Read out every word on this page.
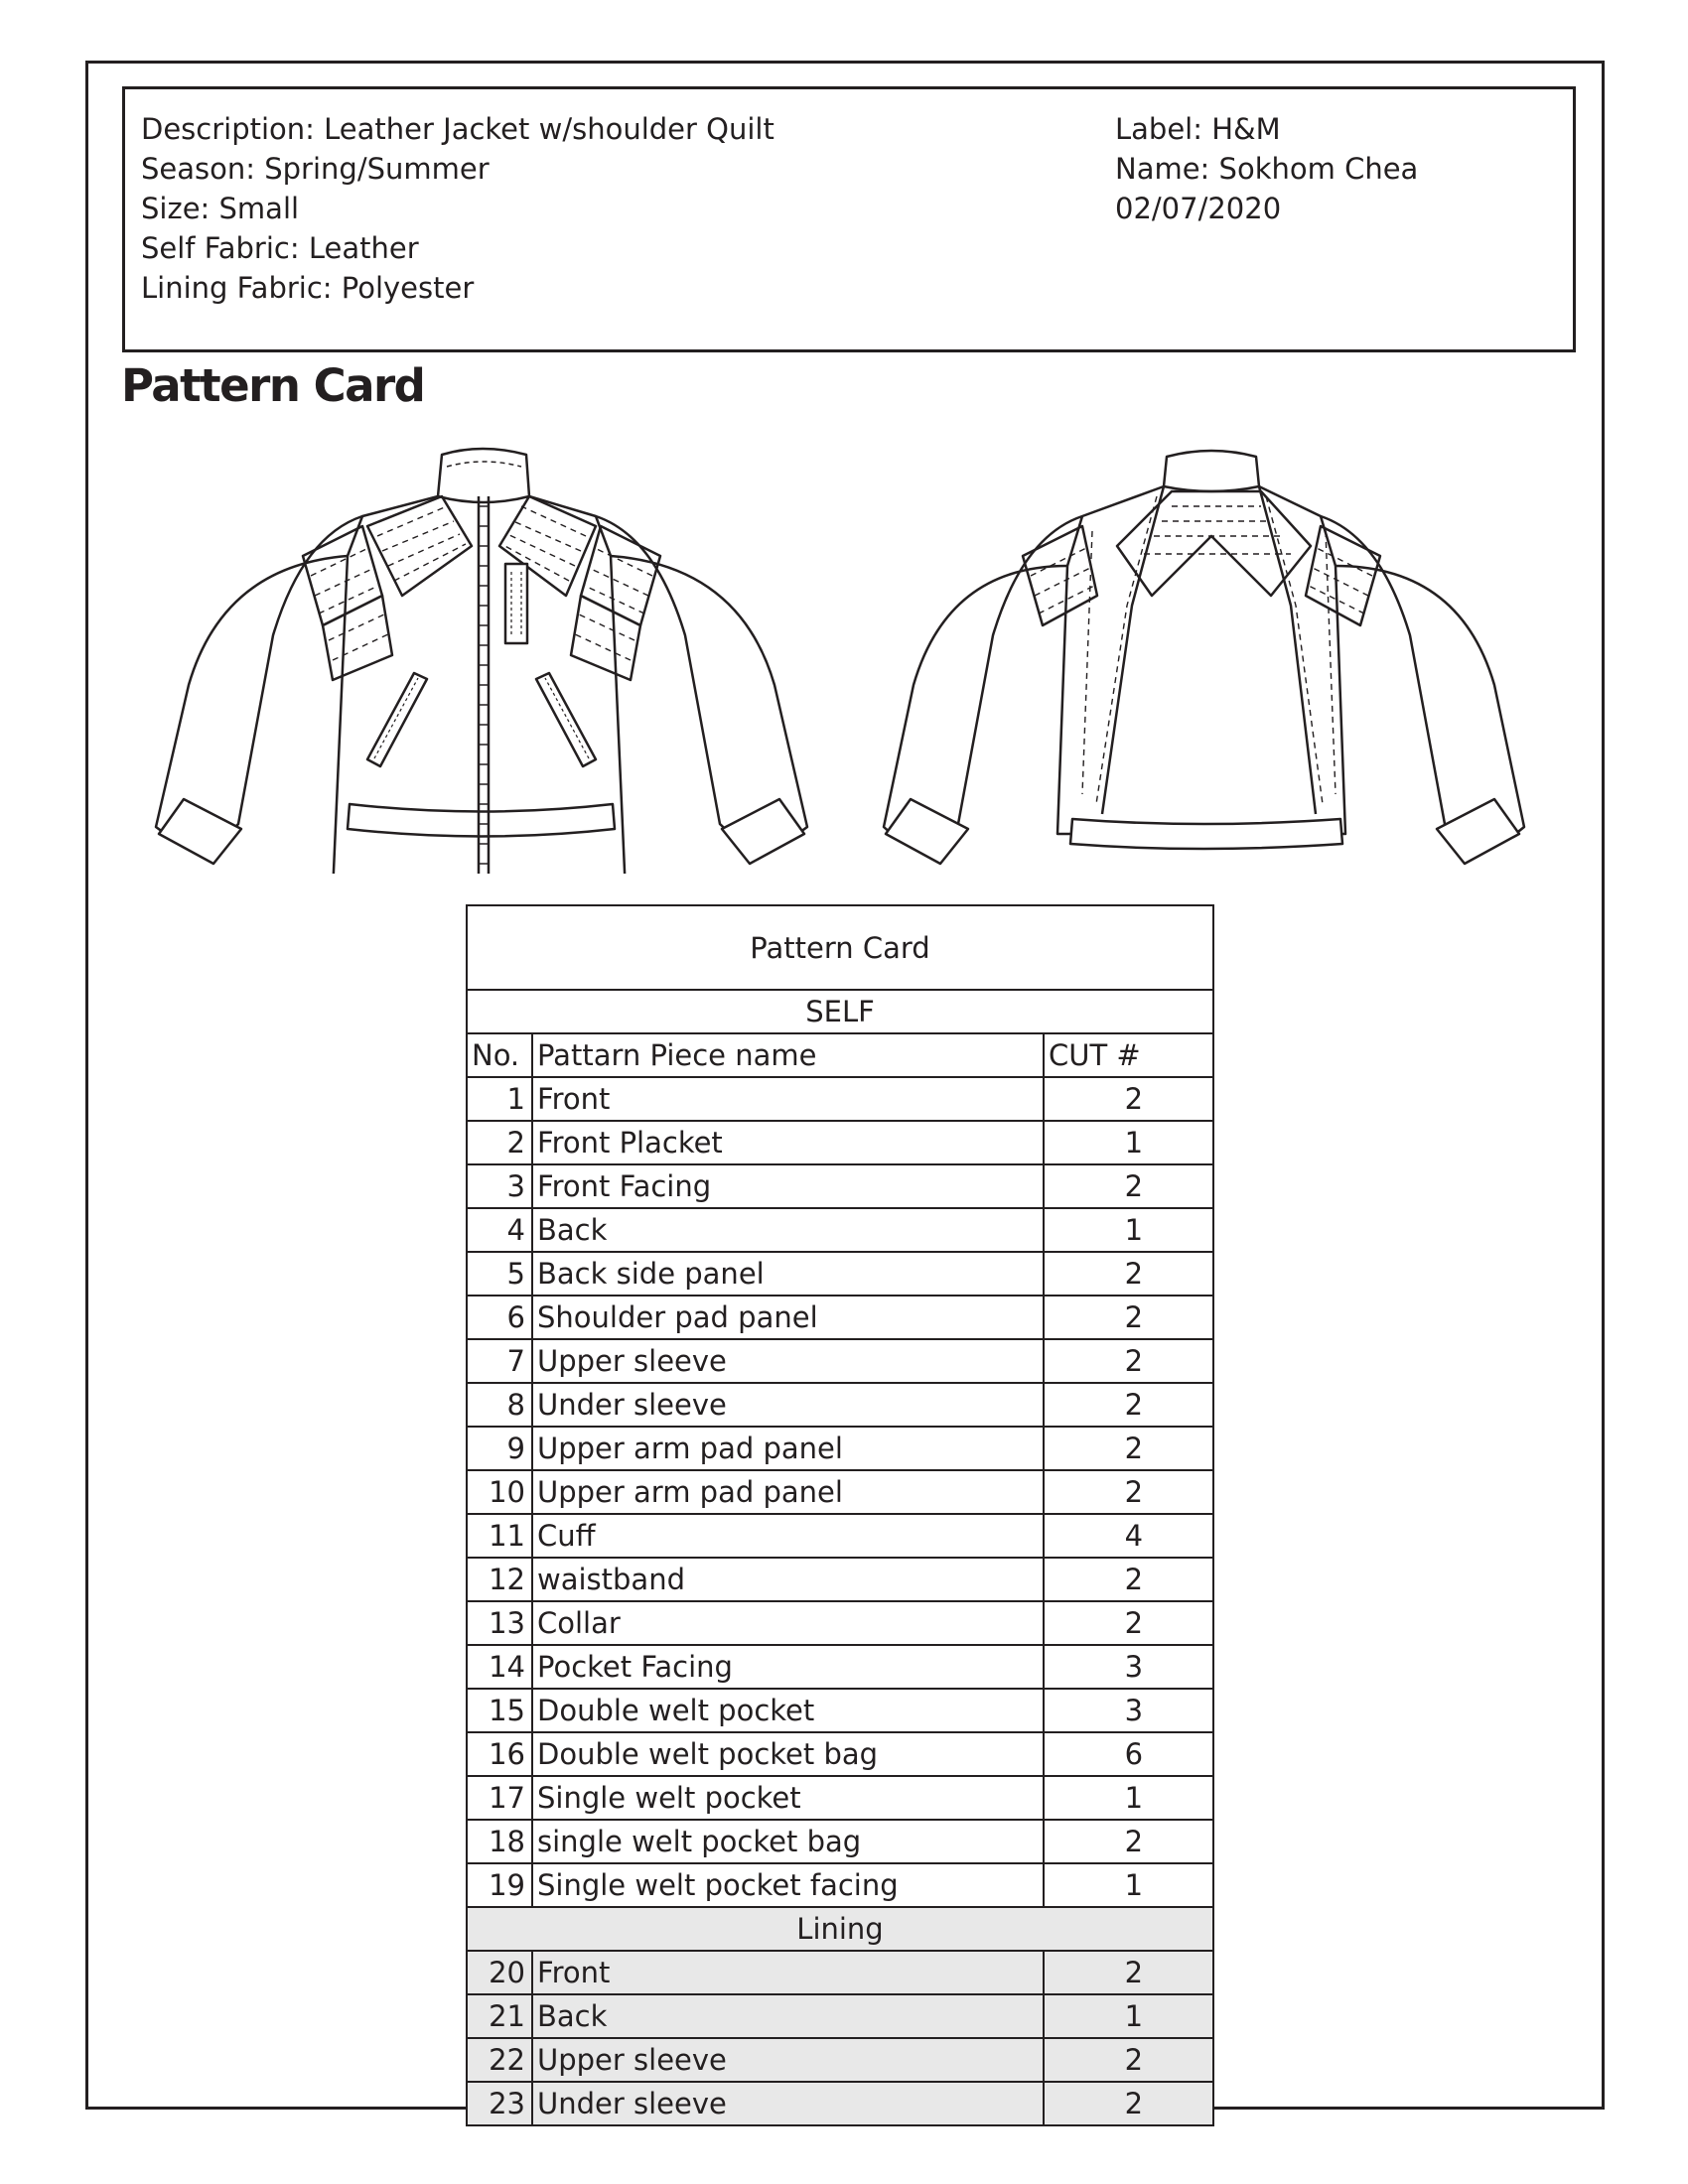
Description: Leather Jacket w/shoulder Quilt
Season: Spring/Summer
Size: Small
Self Fabric: Leather
Lining Fabric: Polyester
Label: H&M
Name: Sokhom Chea
02/07/2020
Pattern Card
Pattern Card		
SELF		
No.	Pattarn Piece name	CUT #
1	Front	2
2	Front Placket	1
3	Front Facing	2
4	Back	1
5	Back side panel	2
6	Shoulder pad panel	2
7	Upper sleeve	2
8	Under sleeve	2
9	Upper arm pad panel	2
10	Upper arm pad panel	2
11	Cuff	4
12	waistband	2
13	Collar	2
14	Pocket Facing	3
15	Double welt pocket	3
16	Double welt pocket bag	6
17	Single welt pocket	1
18	single welt pocket bag	2
19	Single welt pocket facing	1
Lining		
20	Front	2
21	Back	1
22	Upper sleeve	2
23	Under sleeve	2
